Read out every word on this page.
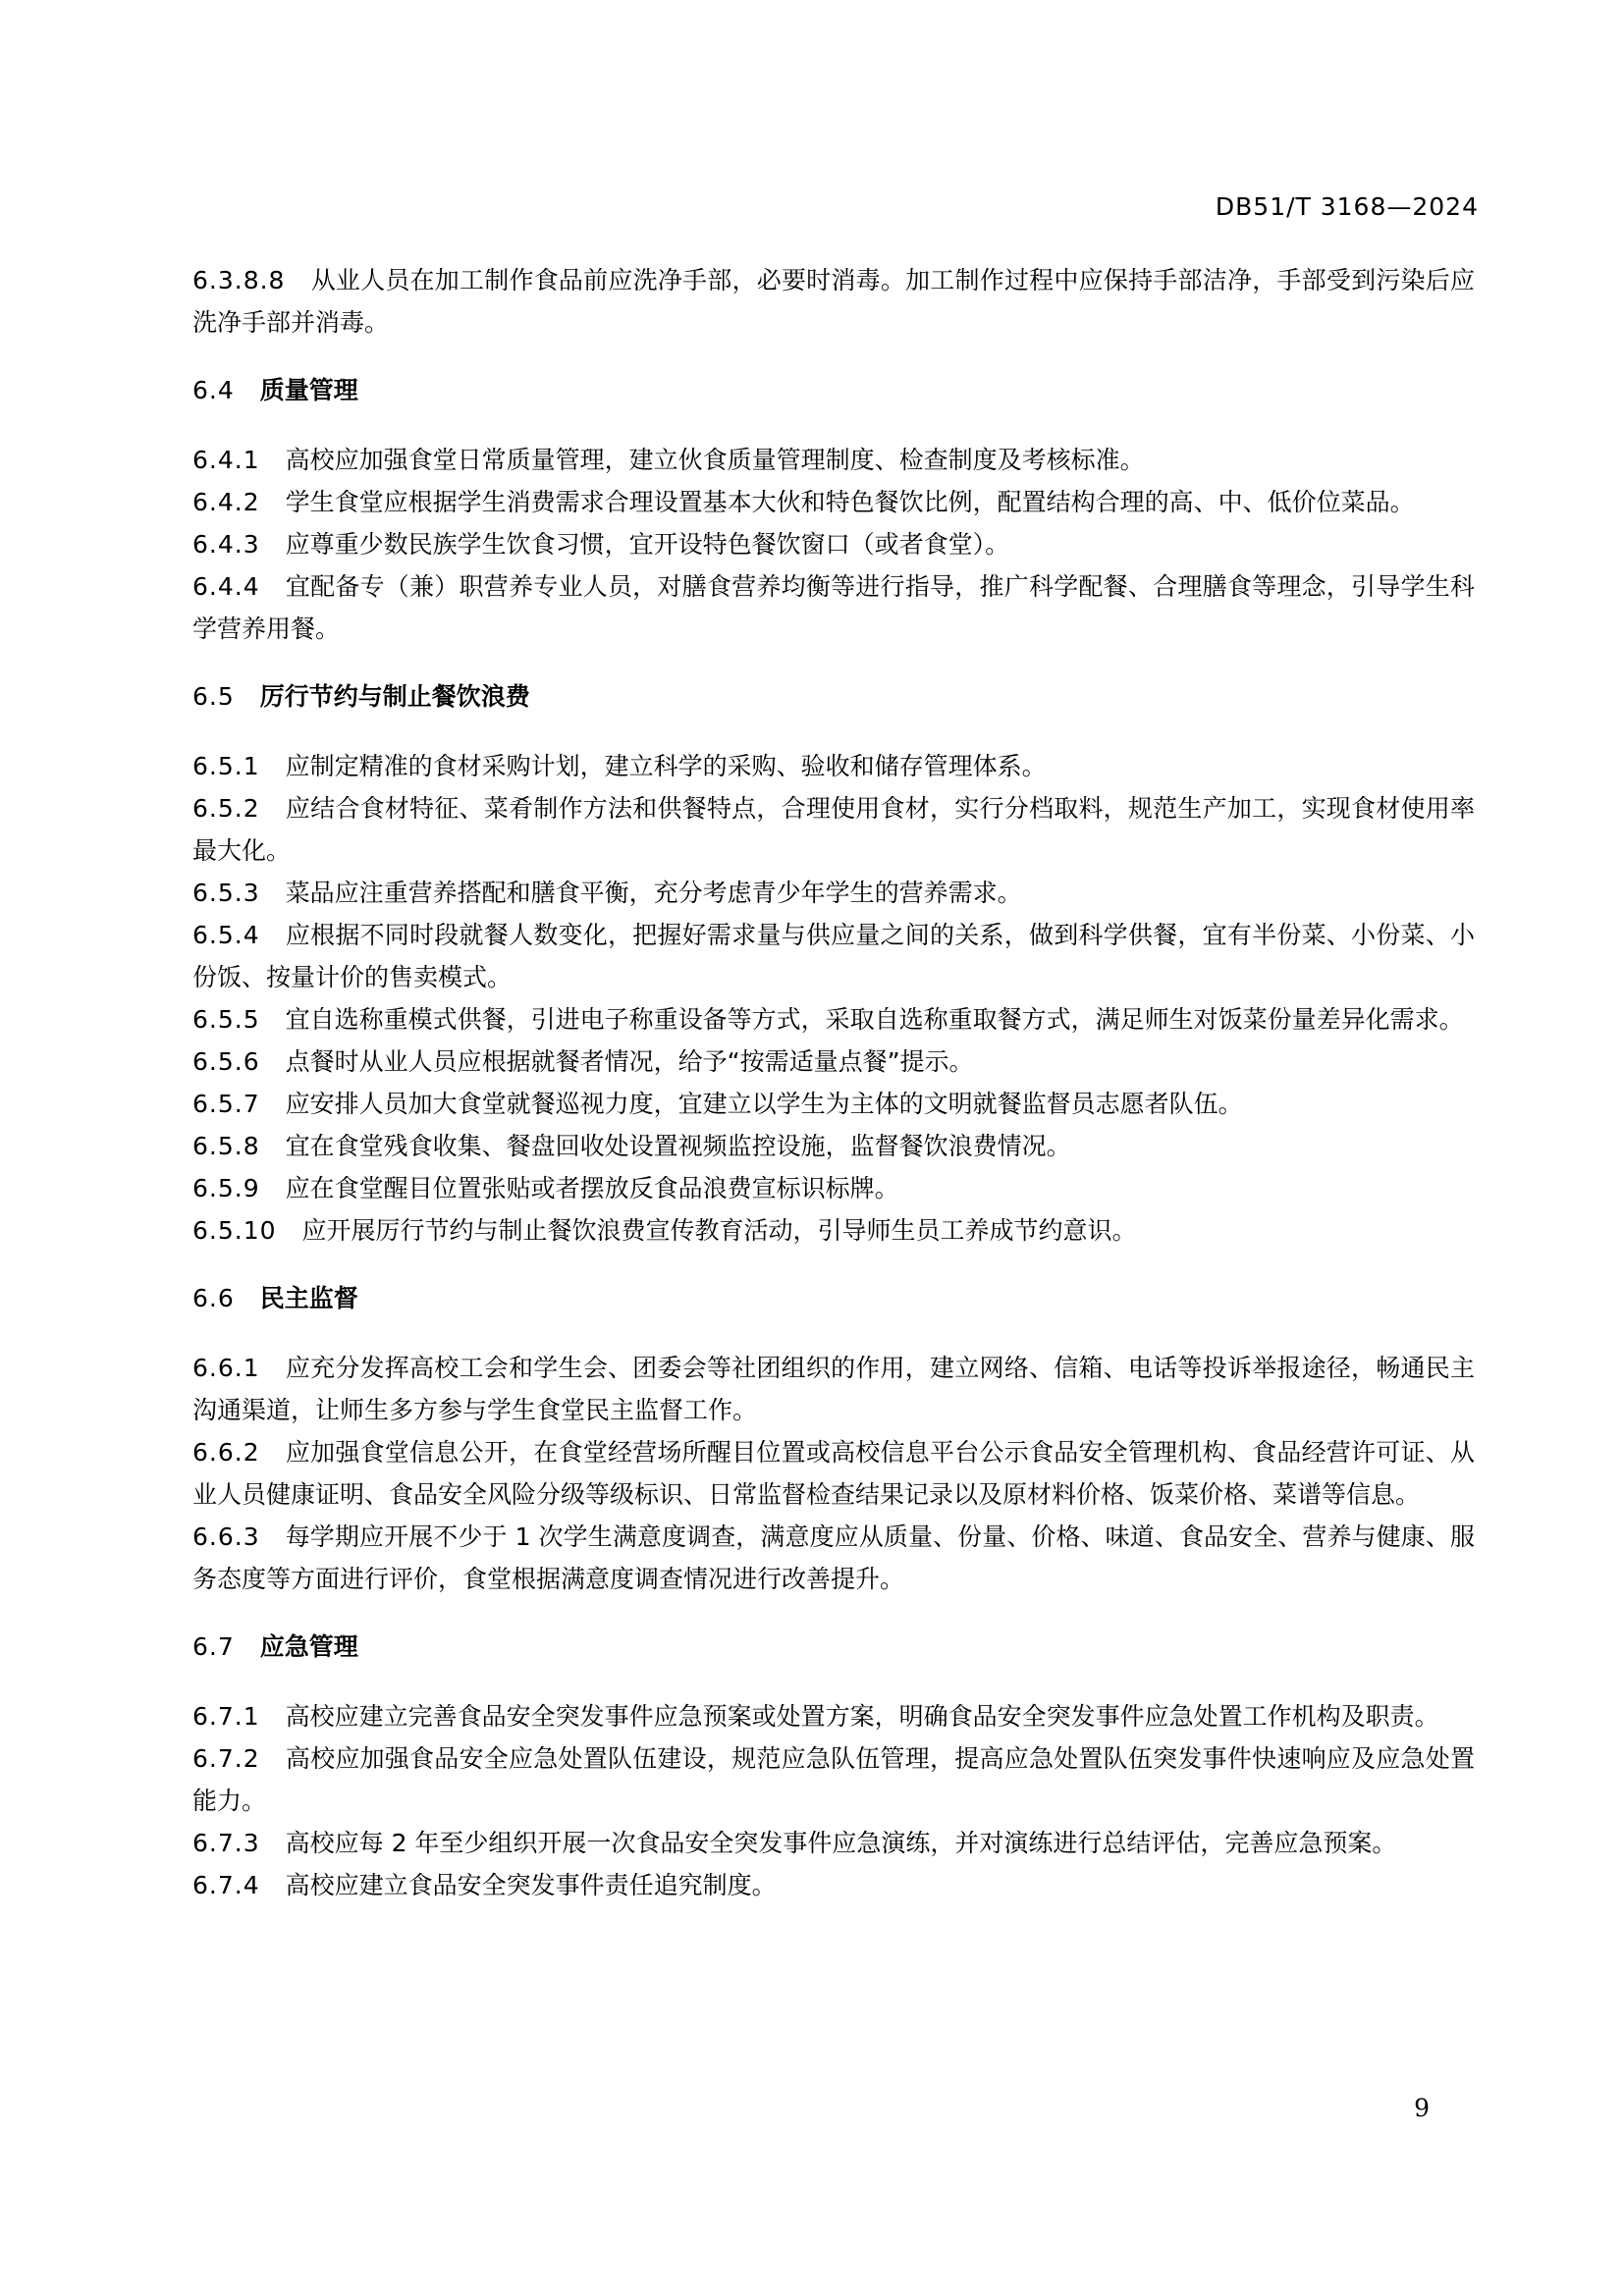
DB51/T 3168—2024

6.3.8.8 从业人员在加工制作食品前应洗净手部，必要时消毒。加工制作过程中应保持手部洁净，手部受到污染后应洗净手部并消毒。

6.4 质量管理

6.4.1 高校应加强食堂日常质量管理，建立伙食质量管理制度、检查制度及考核标准。

6.4.2 学生食堂应根据学生消费需求合理设置基本大伙和特色餐饮比例，配置结构合理的高、中、低价位菜品。

6.4.3 应尊重少数民族学生饮食习惯，宜开设特色餐饮窗口（或者食堂）。

6.4.4 宜配备专（兼）职营养专业人员，对膳食营养均衡等进行指导，推广科学配餐、合理膳食等理念，引导学生科学营养用餐。

6.5 厉行节约与制止餐饮浪费

6.5.1 应制定精准的食材采购计划，建立科学的采购、验收和储存管理体系。

6.5.2 应结合食材特征、菜肴制作方法和供餐特点，合理使用食材，实行分档取料，规范生产加工，实现食材使用率最大化。

6.5.3 菜品应注重营养搭配和膳食平衡，充分考虑青少年学生的营养需求。

6.5.4 应根据不同时段就餐人数变化，把握好需求量与供应量之间的关系，做到科学供餐，宜有半份菜、小份菜、小份饭、按量计价的售卖模式。

6.5.5 宜自选称重模式供餐，引进电子称重设备等方式，采取自选称重取餐方式，满足师生对饭菜份量差异化需求。

6.5.6 点餐时从业人员应根据就餐者情况，给予“按需适量点餐”提示。

6.5.7 应安排人员加大食堂就餐巡视力度，宜建立以学生为主体的文明就餐监督员志愿者队伍。

6.5.8 宜在食堂残食收集、餐盘回收处设置视频监控设施，监督餐饮浪费情况。

6.5.9 应在食堂醒目位置张贴或者摆放反食品浪费宣标识标牌。

6.5.10 应开展厉行节约与制止餐饮浪费宣传教育活动，引导师生员工养成节约意识。

6.6 民主监督

6.6.1 应充分发挥高校工会和学生会、团委会等社团组织的作用，建立网络、信箱、电话等投诉举报途径，畅通民主沟通渠道，让师生多方参与学生食堂民主监督工作。

6.6.2 应加强食堂信息公开，在食堂经营场所醒目位置或高校信息平台公示食品安全管理机构、食品经营许可证、从业人员健康证明、食品安全风险分级等级标识、日常监督检查结果记录以及原材料价格、饭菜价格、菜谱等信息。

6.6.3 每学期应开展不少于 1 次学生满意度调查，满意度应从质量、份量、价格、味道、食品安全、营养与健康、服务态度等方面进行评价，食堂根据满意度调查情况进行改善提升。

6.7 应急管理

6.7.1 高校应建立完善食品安全突发事件应急预案或处置方案，明确食品安全突发事件应急处置工作机构及职责。

6.7.2 高校应加强食品安全应急处置队伍建设，规范应急队伍管理，提高应急处置队伍突发事件快速响应及应急处置能力。

6.7.3 高校应每 2 年至少组织开展一次食品安全突发事件应急演练，并对演练进行总结评估，完善应急预案。

6.7.4 高校应建立食品安全突发事件责任追究制度。

9
